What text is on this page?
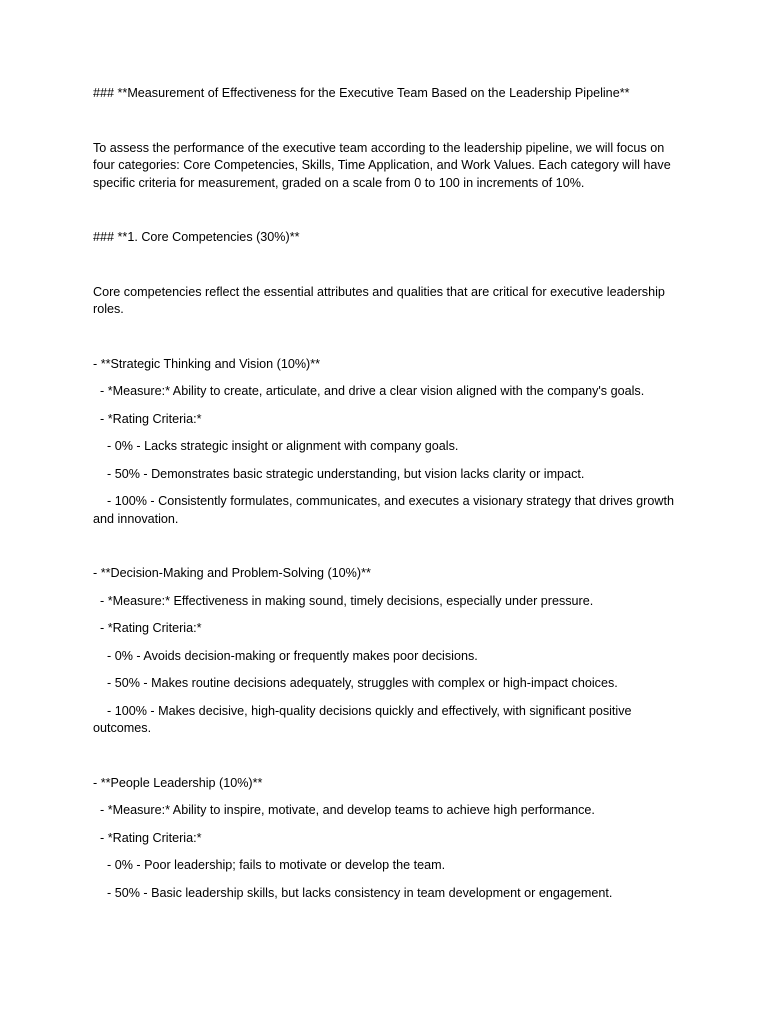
### **Measurement of Effectiveness for the Executive Team Based on the Leadership Pipeline**

To assess the performance of the executive team according to the leadership pipeline, we will focus on four categories: Core Competencies, Skills, Time Application, and Work Values. Each category will have specific criteria for measurement, graded on a scale from 0 to 100 in increments of 10%.

### **1. Core Competencies (30%)**

Core competencies reflect the essential attributes and qualities that are critical for executive leadership roles.

- **Strategic Thinking and Vision (10%)**

- *Measure:* Ability to create, articulate, and drive a clear vision aligned with the company's goals.

- *Rating Criteria:*

- 0% - Lacks strategic insight or alignment with company goals.

- 50% - Demonstrates basic strategic understanding, but vision lacks clarity or impact.

- 100% - Consistently formulates, communicates, and executes a visionary strategy that drives growth and innovation.

- **Decision-Making and Problem-Solving (10%)**

- *Measure:* Effectiveness in making sound, timely decisions, especially under pressure.

- *Rating Criteria:*

- 0% - Avoids decision-making or frequently makes poor decisions.

- 50% - Makes routine decisions adequately, struggles with complex or high-impact choices.

- 100% - Makes decisive, high-quality decisions quickly and effectively, with significant positive outcomes.

- **People Leadership (10%)**

- *Measure:* Ability to inspire, motivate, and develop teams to achieve high performance.

- *Rating Criteria:*

- 0% - Poor leadership; fails to motivate or develop the team.

- 50% - Basic leadership skills, but lacks consistency in team development or engagement.
